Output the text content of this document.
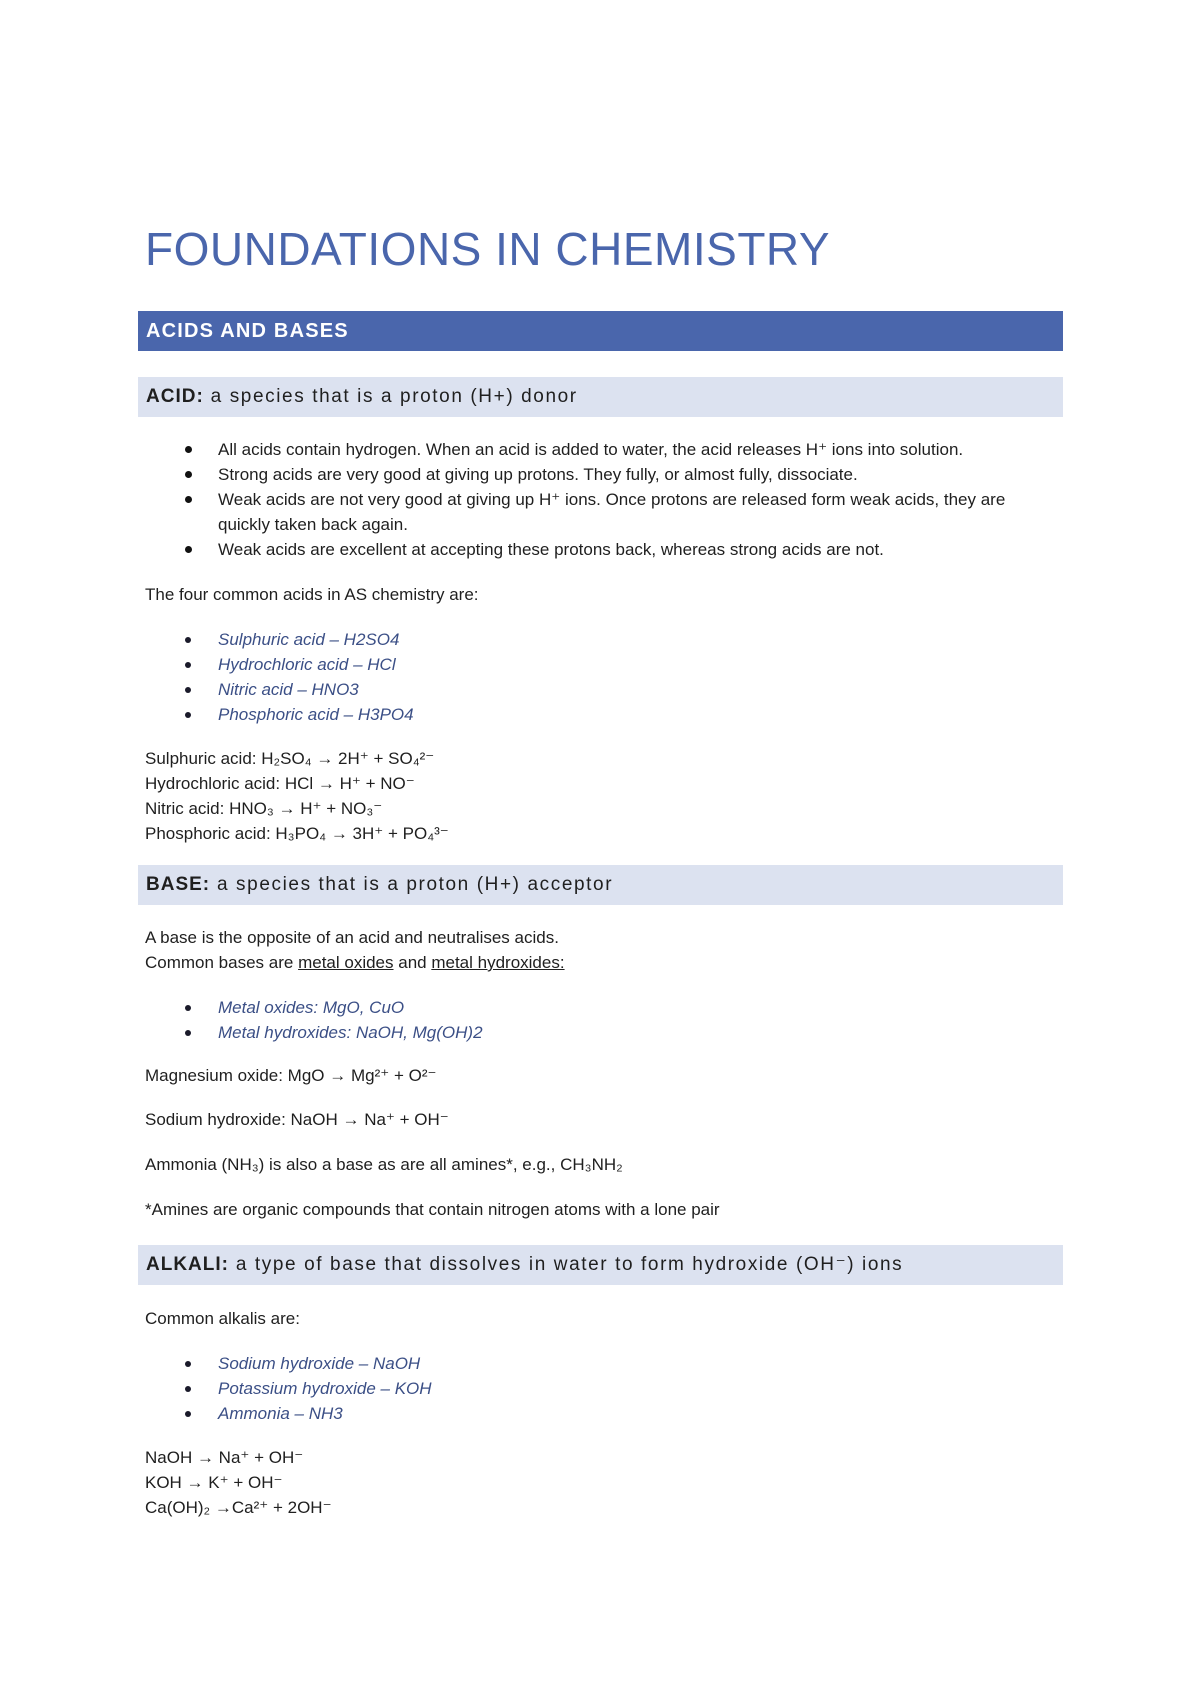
FOUNDATIONS IN CHEMISTRY
ACIDS AND BASES
ACID: a species that is a proton (H+) donor
All acids contain hydrogen. When an acid is added to water, the acid releases H⁺ ions into solution.
Strong acids are very good at giving up protons. They fully, or almost fully, dissociate.
Weak acids are not very good at giving up H⁺ ions. Once protons are released form weak acids, they are quickly taken back again.
Weak acids are excellent at accepting these protons back, whereas strong acids are not.
The four common acids in AS chemistry are:
Sulphuric acid – H2SO4
Hydrochloric acid – HCl
Nitric acid – HNO3
Phosphoric acid – H3PO4
Sulphuric acid: H₂SO₄ → 2H⁺ + SO₄²⁻
Hydrochloric acid: HCl → H⁺ + NO⁻
Nitric acid: HNO₃ → H⁺ + NO₃⁻
Phosphoric acid: H₃PO₄ → 3H⁺ + PO₄³⁻
BASE: a species that is a proton (H+) acceptor
A base is the opposite of an acid and neutralises acids.
Common bases are metal oxides and metal hydroxides:
Metal oxides: MgO, CuO
Metal hydroxides: NaOH, Mg(OH)2
Magnesium oxide: MgO → Mg²⁺ + O²⁻
Sodium hydroxide: NaOH → Na⁺ + OH⁻
Ammonia (NH₃) is also a base as are all amines*, e.g., CH₃NH₂
*Amines are organic compounds that contain nitrogen atoms with a lone pair
ALKALI: a type of base that dissolves in water to form hydroxide (OH⁻) ions
Common alkalis are:
Sodium hydroxide – NaOH
Potassium hydroxide – KOH
Ammonia – NH3
NaOH → Na⁺ + OH⁻
KOH → K⁺ + OH⁻
Ca(OH)₂ →Ca²⁺ + 2OH⁻
